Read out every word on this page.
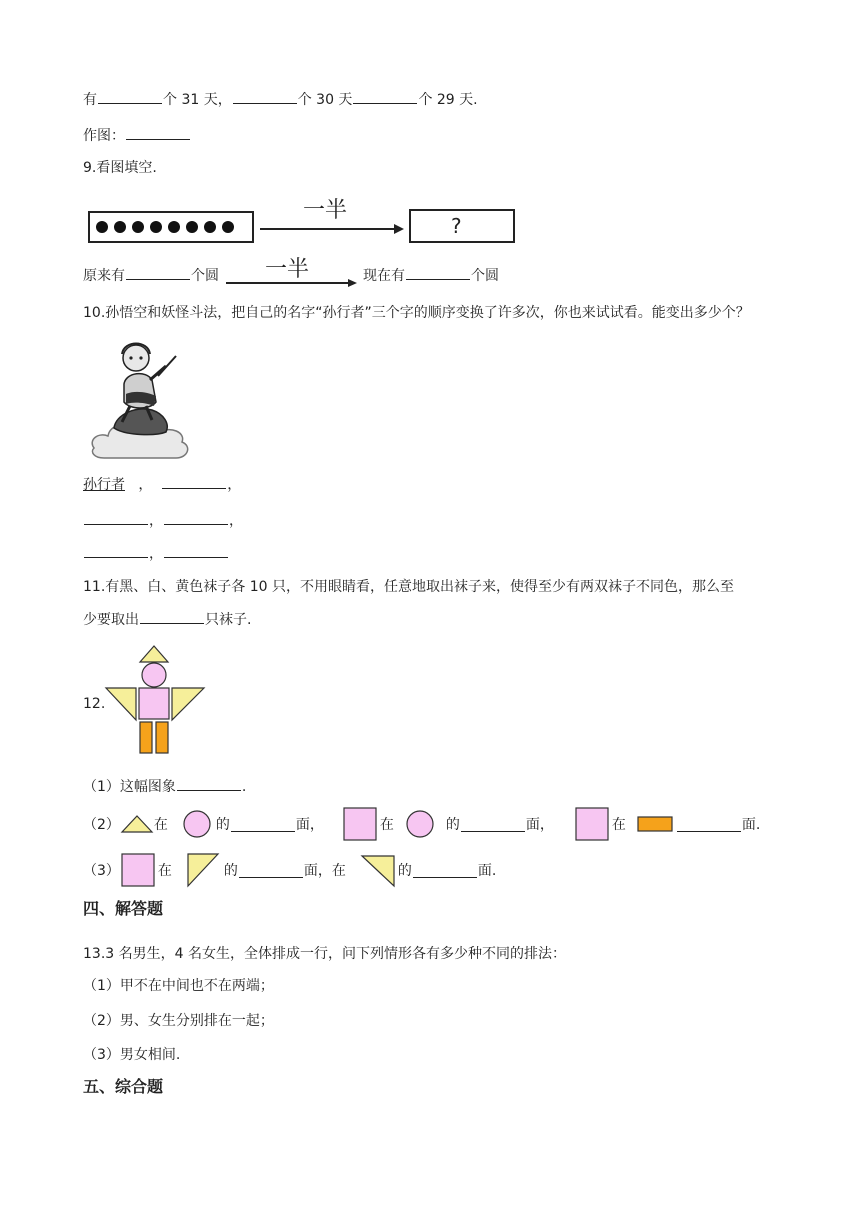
有	个 31 天，	个 30 天	个 29 天.
作图：
9.看图填空.
一半
?
原来有	个圆 一半	现在有	个圆
10.孙悟空和妖怪斗法，把自己的名字“孙行者”三个字的顺序变换了许多次，你也来试试看。能变出多少个？
孙行者 ，	，
，	，
，
11.有黑、白、黄色袜子各 10 只，不用眼睛看，任意地取出袜子来，使得至少有两双袜子不同色，那么至
少要取出	只袜子.
12.
（1）这幅图象	.
（2） 在	的	面，	在	的	面，	在	面.
（3）	在	的	面，在	的	面.
四、解答题
13.3 名男生，4 名女生，全体排成一行，问下列情形各有多少种不同的排法：
（1）甲不在中间也不在两端；
（2）男、女生分别排在一起；
（3）男女相间.
五、综合题
